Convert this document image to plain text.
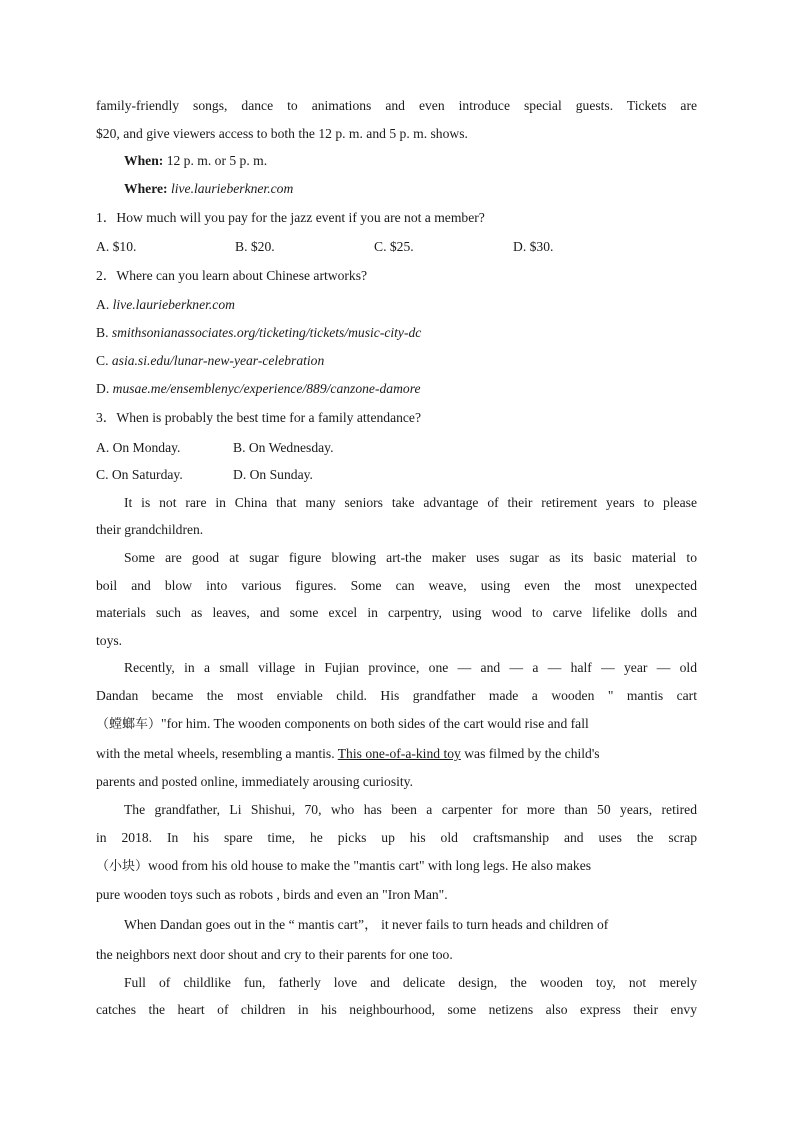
family-friendly songs, dance to animations and even introduce special guests. Tickets are
$20, and give viewers access to both the 12 p. m. and 5 p. m. shows.
When: 12 p. m. or 5 p. m.
Where: live.laurieberkner.com
1．How much will you pay for the jazz event if you are not a member?
A. $10.	B. $20.	C. $25.	D. $30.
2．Where can you learn about Chinese artworks?
A. live.laurieberkner.com
B. smithsonianassociates.org/ticketing/tickets/music-city-dc
C. asia.si.edu/lunar-new-year-celebration
D. musae.me/ensemblenyc/experience/889/canzone-damore
3．When is probably the best time for a family attendance?
A. On Monday.	B. On Wednesday.
C. On Saturday.	D. On Sunday.
It is not rare in China that many seniors take advantage of their retirement years to please
their grandchildren.
Some are good at sugar figure blowing art-the maker uses sugar as its basic material to
boil and blow into various figures. Some can weave, using even the most unexpected
materials such as leaves, and some excel in carpentry, using wood to carve lifelike dolls and
toys.
Recently, in a small village in Fujian province, one — and — a — half — year — old
Dandan became the most enviable child. His grandfather made a wooden " mantis cart
（螳螂车）"for him. The wooden components on both sides of the cart would rise and fall
with the metal wheels, resembling a mantis. This one-of-a-kind toy was filmed by the child's
parents and posted online, immediately arousing curiosity.
The grandfather, Li Shishui, 70, who has been a carpenter for more than 50 years, retired
in 2018. In his spare time, he picks up his old craftsmanship and uses the scrap
（小块）wood from his old house to make the "mantis cart" with long legs. He also makes
pure wooden toys such as robots , birds and even an "Iron Man".
When Dandan goes out in the “ mantis cart”， it never fails to turn heads and children of
the neighbors next door shout and cry to their parents for one too.
Full of childlike fun, fatherly love and delicate design, the wooden toy, not merely
catches the heart of children in his neighbourhood, some netizens also express their envy
